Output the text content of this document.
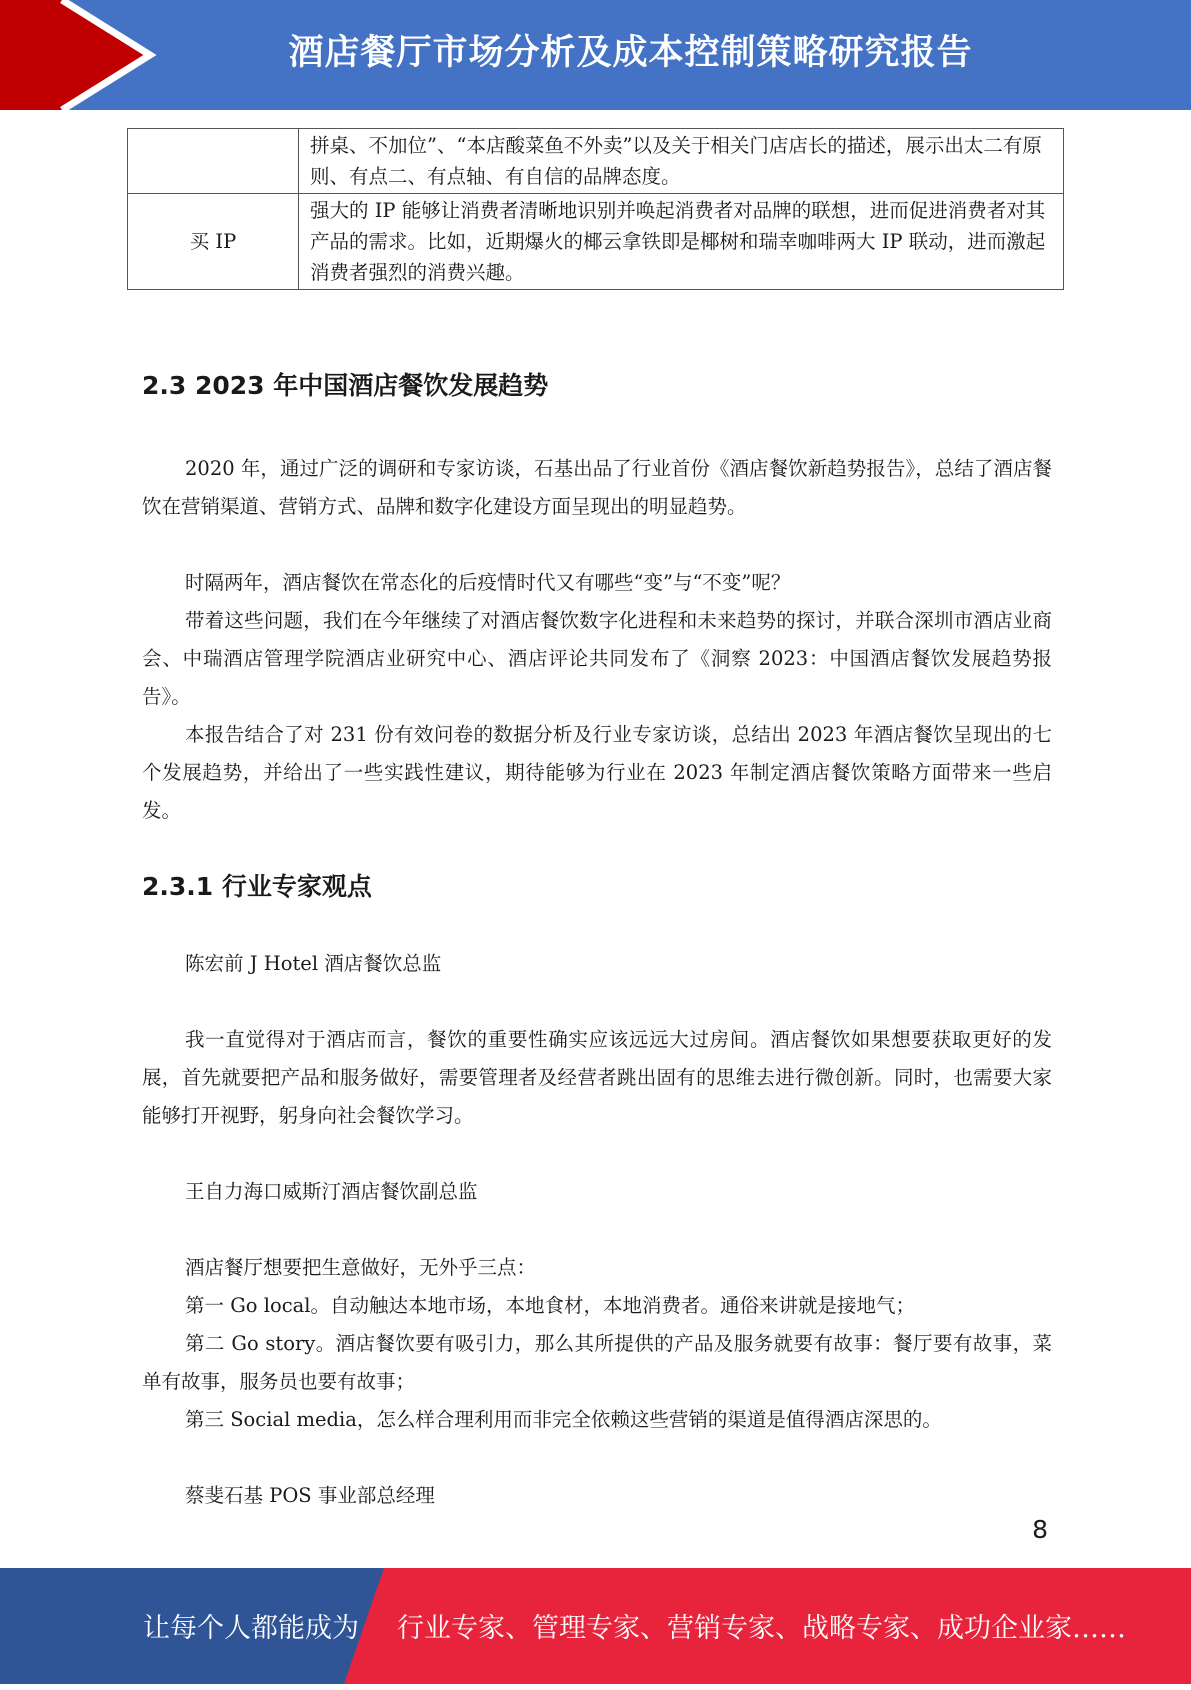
酒店餐厅市场分析及成本控制策略研究报告
	拼桌、不加位”、“本店酸菜鱼不外卖”以及关于相关门店店长的描述，展示出太二有原则、有点二、有点轴、有自信的品牌态度。
买 IP	强大的 IP 能够让消费者清晰地识别并唤起消费者对品牌的联想，进而促进消费者对其产品的需求。比如，近期爆火的椰云拿铁即是椰树和瑞幸咖啡两大 IP 联动，进而激起消费者强烈的消费兴趣。
2.3 2023 年中国酒店餐饮发展趋势

2020 年，通过广泛的调研和专家访谈，石基出品了行业首份《酒店餐饮新趋势报告》，总结了酒店餐饮在营销渠道、营销方式、品牌和数字化建设方面呈现出的明显趋势。

时隔两年，酒店餐饮在常态化的后疫情时代又有哪些“变”与“不变”呢？

带着这些问题，我们在今年继续了对酒店餐饮数字化进程和未来趋势的探讨，并联合深圳市酒店业商会、中瑞酒店管理学院酒店业研究中心、酒店评论共同发布了《洞察 2023：中国酒店餐饮发展趋势报告》。

本报告结合了对 231 份有效问卷的数据分析及行业专家访谈，总结出 2023 年酒店餐饮呈现出的七个发展趋势，并给出了一些实践性建议，期待能够为行业在 2023 年制定酒店餐饮策略方面带来一些启发。

2.3.1 行业专家观点

陈宏前 J Hotel 酒店餐饮总监

我一直觉得对于酒店而言，餐饮的重要性确实应该远远大过房间。酒店餐饮如果想要获取更好的发展，首先就要把产品和服务做好，需要管理者及经营者跳出固有的思维去进行微创新。同时，也需要大家能够打开视野，躬身向社会餐饮学习。

王自力海口威斯汀酒店餐饮副总监

酒店餐厅想要把生意做好，无外乎三点：

第一 Go local。自动触达本地市场，本地食材，本地消费者。通俗来讲就是接地气；

第二 Go story。酒店餐饮要有吸引力，那么其所提供的产品及服务就要有故事：餐厅要有故事，菜单有故事，服务员也要有故事；

第三 Social media，怎么样合理利用而非完全依赖这些营销的渠道是值得酒店深思的。

蔡斐石基 POS 事业部总经理

8
让每个人都能成为 行业专家、管理专家、营销专家、战略专家、成功企业家……
